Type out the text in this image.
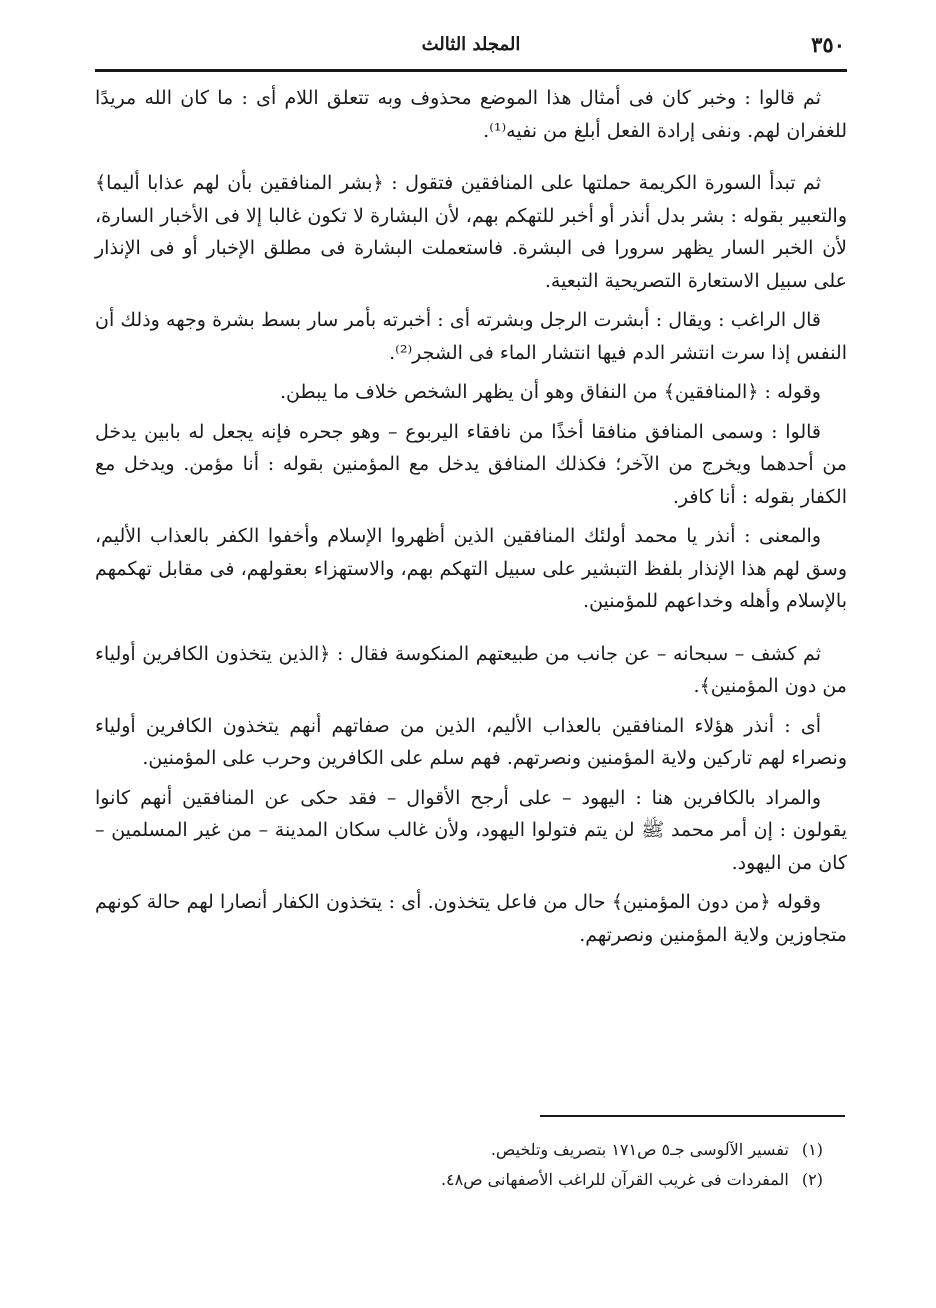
٣٥٠
المجلد الثالث

ثم قالوا : وخبر كان فى أمثال هذا الموضع محذوف وبه تتعلق اللام أى : ما كان الله مريدًا للغفران لهم. ونفى إرادة الفعل أبلغ من نفيه⁽¹⁾.

ثم تبدأ السورة الكريمة حملتها على المنافقين فتقول : ﴿بشر المنافقين بأن لهم عذابا أليما﴾ والتعبير بقوله : بشر بدل أنذر أو أخبر للتهكم بهم، لأن البشارة لا تكون غالبا إلا فى الأخبار السارة، لأن الخبر السار يظهر سرورا فى البشرة. فاستعملت البشارة فى مطلق الإخبار أو فى الإنذار على سبيل الاستعارة التصريحية التبعية.

قال الراغب : ويقال : أبشرت الرجل وبشرته أى : أخبرته بأمر سار بسط بشرة وجهه وذلك أن النفس إذا سرت انتشر الدم فيها انتشار الماء فى الشجر⁽²⁾.

وقوله : ﴿المنافقين﴾ من النفاق وهو أن يظهر الشخص خلاف ما يبطن.

قالوا : وسمى المنافق منافقا أخذًا من نافقاء اليربوع – وهو جحره فإنه يجعل له بابين يدخل من أحدهما ويخرج من الآخر؛ فكذلك المنافق يدخل مع المؤمنين بقوله : أنا مؤمن. ويدخل مع الكفار بقوله : أنا كافر.

والمعنى : أنذر يا محمد أولئك المنافقين الذين أظهروا الإسلام وأخفوا الكفر بالعذاب الأليم، وسق لهم هذا الإنذار بلفظ التبشير على سبيل التهكم بهم، والاستهزاء بعقولهم، فى مقابل تهكمهم بالإسلام وأهله وخداعهم للمؤمنين.

ثم كشف – سبحانه – عن جانب من طبيعتهم المنكوسة فقال : ﴿الذين يتخذون الكافرين أولياء من دون المؤمنين﴾.

أى : أنذر هؤلاء المنافقين بالعذاب الأليم، الذين من صفاتهم أنهم يتخذون الكافرين أولياء ونصراء لهم تاركين ولاية المؤمنين ونصرتهم. فهم سلم على الكافرين وحرب على المؤمنين.

والمراد بالكافرين هنا : اليهود – على أرجح الأقوال – فقد حكى عن المنافقين أنهم كانوا يقولون : إن أمر محمد ﷺ لن يتم فتولوا اليهود، ولأن غالب سكان المدينة – من غير المسلمين – كان من اليهود.

وقوله ﴿من دون المؤمنين﴾ حال من فاعل يتخذون. أى : يتخذون الكفار أنصارا لهم حالة كونهم متجاوزين ولاية المؤمنين ونصرتهم.

(١) تفسير الآلوسى جـ٥ ص١٧١ بتصريف وتلخيص.

(٢) المفردات فى غريب القرآن للراغب الأصفهانى ص٤٨.
